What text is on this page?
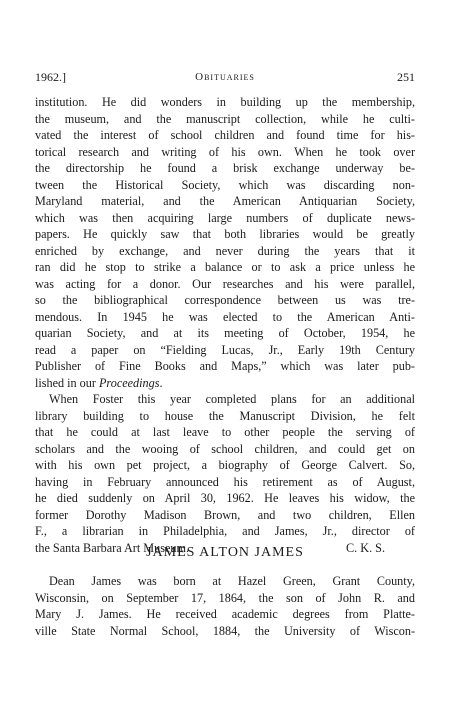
1962.]	Obituaries	251
institution. He did wonders in building up the membership,
the museum, and the manuscript collection, while he culti-
vated the interest of school children and found time for his-
torical research and writing of his own. When he took over
the directorship he found a brisk exchange underway be-
tween the Historical Society, which was discarding non-
Maryland material, and the American Antiquarian Society,
which was then acquiring large numbers of duplicate news-
papers. He quickly saw that both libraries would be greatly
enriched by exchange, and never during the years that it
ran did he stop to strike a balance or to ask a price unless he
was acting for a donor. Our researches and his were parallel,
so the bibliographical correspondence between us was tre-
mendous. In 1945 he was elected to the American Anti-
quarian Society, and at its meeting of October, 1954, he
read a paper on “Fielding Lucas, Jr., Early 19th Century
Publisher of Fine Books and Maps,” which was later pub-
lished in our Proceedings.
When Foster this year completed plans for an additional
library building to house the Manuscript Division, he felt
that he could at last leave to other people the serving of
scholars and the wooing of school children, and could get on
with his own pet project, a biography of George Calvert. So,
having in February announced his retirement as of August,
he died suddenly on April 30, 1962. He leaves his widow, the
former Dorothy Madison Brown, and two children, Ellen
F., a librarian in Philadelphia, and James, Jr., director of
the Santa Barbara Art Museum.	C. K. S.
JAMES ALTON JAMES
Dean James was born at Hazel Green, Grant County,
Wisconsin, on September 17, 1864, the son of John R. and
Mary J. James. He received academic degrees from Platte-
ville State Normal School, 1884, the University of Wiscon-
